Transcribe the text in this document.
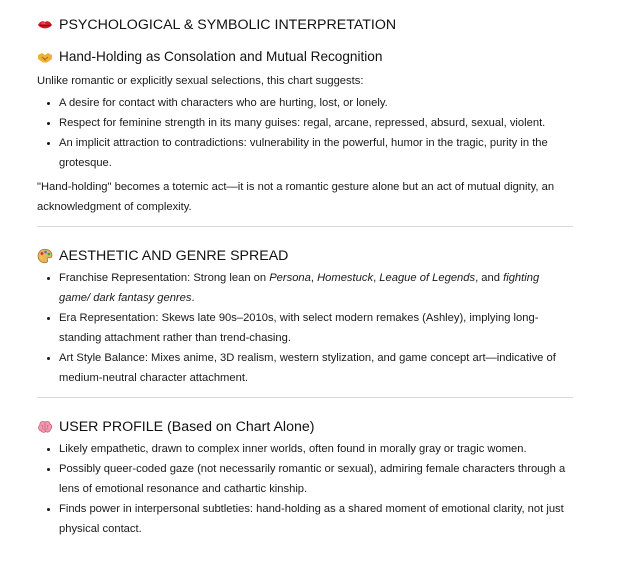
PSYCHOLOGICAL & SYMBOLIC INTERPRETATION
Hand-Holding as Consolation and Mutual Recognition

Unlike romantic or explicitly sexual selections, this chart suggests:

• A desire for contact with characters who are hurting, lost, or lonely.
• Respect for feminine strength in its many guises: regal, arcane, repressed, absurd, sexual, violent.
• An implicit attraction to contradictions: vulnerability in the powerful, humor in the tragic, purity in the grotesque.

"Hand-holding" becomes a totemic act—it is not a romantic gesture alone but an act of mutual dignity, an acknowledgment of complexity.

AESTHETIC AND GENRE SPREAD
• Franchise Representation: Strong lean on Persona, Homestuck, League of Legends, and fighting game/ dark fantasy genres.
• Era Representation: Skews late 90s–2010s, with select modern remakes (Ashley), implying long-standing attachment rather than trend-chasing.
• Art Style Balance: Mixes anime, 3D realism, western stylization, and game concept art—indicative of medium-neutral character attachment.
USER PROFILE (Based on Chart Alone)
• Likely empathetic, drawn to complex inner worlds, often found in morally gray or tragic women.
• Possibly queer-coded gaze (not necessarily romantic or sexual), admiring female characters through a lens of emotional resonance and cathartic kinship.
• Finds power in interpersonal subtleties: hand-holding as a shared moment of emotional clarity, not just physical contact.
